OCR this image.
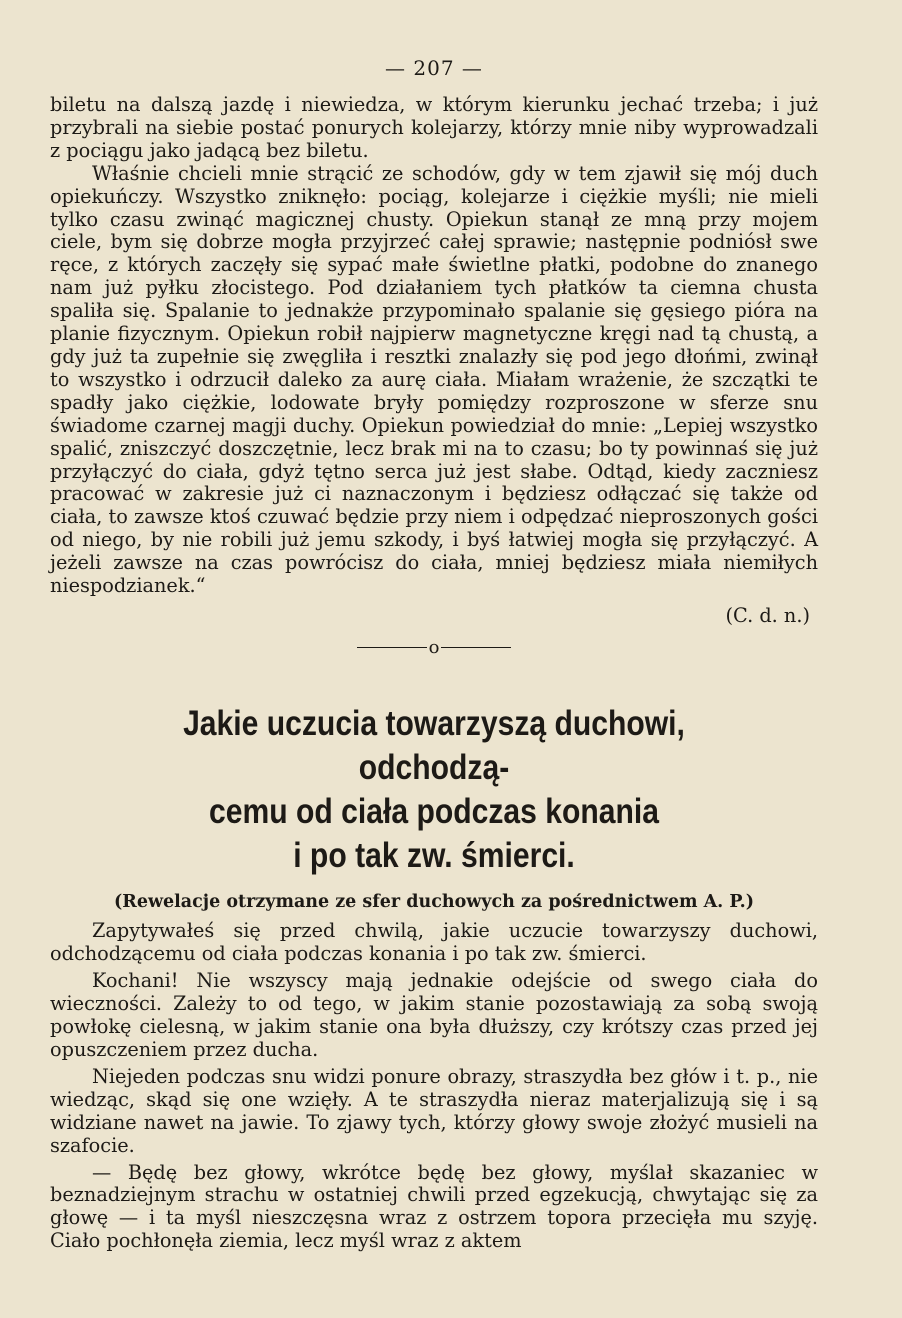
— 207 —

biletu na dalszą jazdę i niewiedza, w którym kierunku jechać trzeba; i już przybrali na siebie postać ponurych kolejarzy, którzy mnie niby wyprowadzali z pociągu jako jadącą bez biletu.

Właśnie chcieli mnie strącić ze schodów, gdy w tem zjawił się mój duch opiekuńczy. Wszystko zniknęło: pociąg, kolejarze i ciężkie myśli; nie mieli tylko czasu zwinąć magicznej chusty. Opiekun stanął ze mną przy mojem ciele, bym się dobrze mogła przyjrzeć całej sprawie; następnie podniósł swe ręce, z których zaczęły się sypać małe świetlne płatki, podobne do znanego nam już pyłku złocistego. Pod działaniem tych płatków ta ciemna chusta spaliła się. Spalanie to jednakże przypominało spalanie się gęsiego pióra na planie fizycznym. Opiekun robił najpierw magnetyczne kręgi nad tą chustą, a gdy już ta zupełnie się zwęgliła i resztki znalazły się pod jego dłońmi, zwinął to wszystko i odrzucił daleko za aurę ciała. Miałam wrażenie, że szczątki te spadły jako ciężkie, lodowate bryły pomiędzy rozproszone w sferze snu świadome czarnej magji duchy. Opiekun powiedział do mnie: „Lepiej wszystko spalić, zniszczyć doszczętnie, lecz brak mi na to czasu; bo ty powinnaś się już przyłączyć do ciała, gdyż tętno serca już jest słabe. Odtąd, kiedy zaczniesz pracować w zakresie już ci naznaczonym i będziesz odłączać się także od ciała, to zawsze ktoś czuwać będzie przy niem i odpędzać nieproszonych gości od niego, by nie robili już jemu szkody, i byś łatwiej mogła się przyłączyć. A jeżeli zawsze na czas powrócisz do ciała, mniej będziesz miała niemiłych niespodzianek.“

(C. d. n.)
o
Jakie uczucia towarzyszą duchowi, odchodzą-
cemu od ciała podczas konania
i po tak zw. śmierci.
(Rewelacje otrzymane ze sfer duchowych za pośrednictwem A. P.)

Zapytywałeś się przed chwilą, jakie uczucie towarzyszy duchowi, odchodzącemu od ciała podczas konania i po tak zw. śmierci.

Kochani! Nie wszyscy mają jednakie odejście od swego ciała do wieczności. Zależy to od tego, w jakim stanie pozostawiają za sobą swoją powłokę cielesną, w jakim stanie ona była dłuższy, czy krótszy czas przed jej opuszczeniem przez ducha.

Niejeden podczas snu widzi ponure obrazy, straszydła bez głów i t. p., nie wiedząc, skąd się one wzięły. A te straszydła nieraz materjalizują się i są widziane nawet na jawie. To zjawy tych, którzy głowy swoje złożyć musieli na szafocie.

— Będę bez głowy, wkrótce będę bez głowy, myślał skazaniec w beznadziejnym strachu w ostatniej chwili przed egzekucją, chwytając się za głowę — i ta myśl nieszczęsna wraz z ostrzem topora przecięła mu szyję. Ciało pochłonęła ziemia, lecz myśl wraz z aktem
